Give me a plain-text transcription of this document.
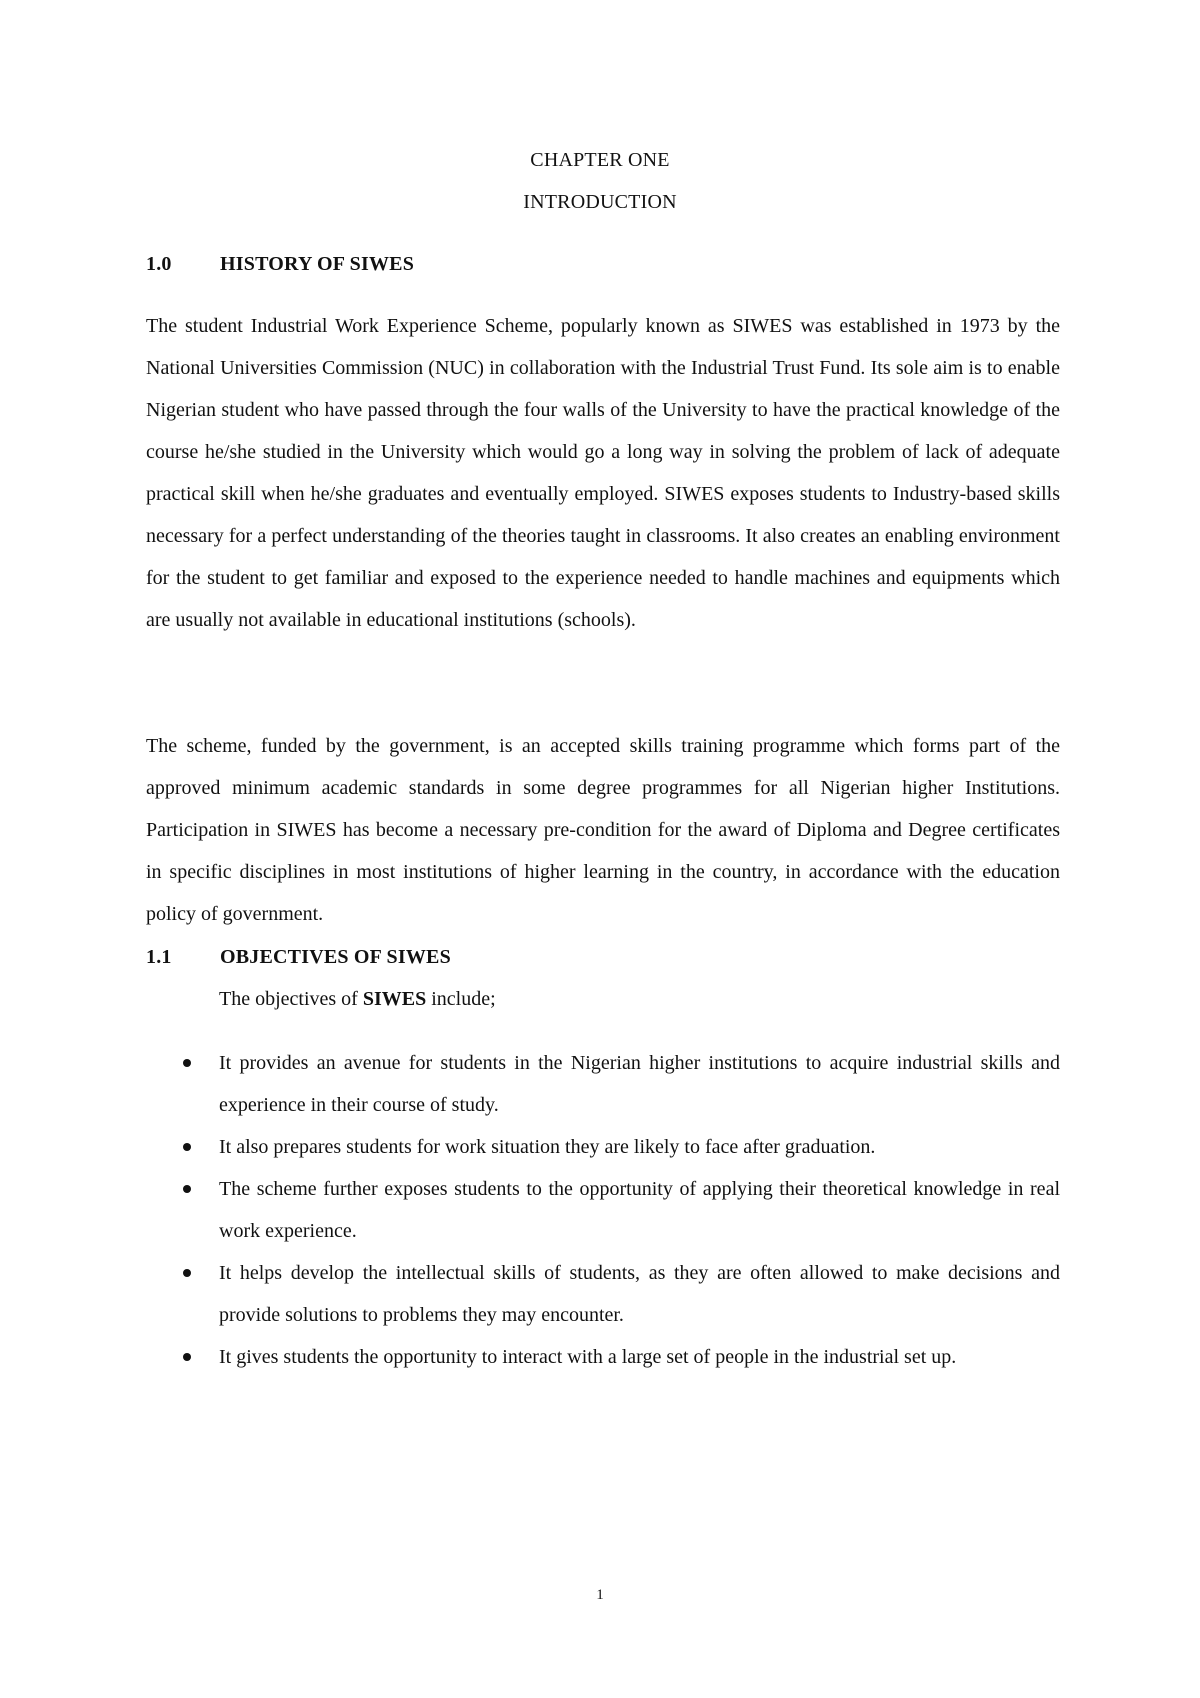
CHAPTER ONE
INTRODUCTION
1.0 HISTORY OF SIWES

The student Industrial Work Experience Scheme, popularly known as SIWES was established in 1973 by the National Universities Commission (NUC) in collaboration with the Industrial Trust Fund. Its sole aim is to enable Nigerian student who have passed through the four walls of the University to have the practical knowledge of the course he/she studied in the University which would go a long way in solving the problem of lack of adequate practical skill when he/she graduates and eventually employed. SIWES exposes students to Industry-based skills necessary for a perfect understanding of the theories taught in classrooms. It also creates an enabling environment for the student to get familiar and exposed to the experience needed to handle machines and equipments which are usually not available in educational institutions (schools).

The scheme, funded by the government, is an accepted skills training programme which forms part of the approved minimum academic standards in some degree programmes for all Nigerian higher Institutions. Participation in SIWES has become a necessary pre-condition for the award of Diploma and Degree certificates in specific disciplines in most institutions of higher learning in the country, in accordance with the education policy of government.

1.1 OBJECTIVES OF SIWES
The objectives of SIWES include;
It provides an avenue for students in the Nigerian higher institutions to acquire industrial skills and experience in their course of study.
It also prepares students for work situation they are likely to face after graduation.
The scheme further exposes students to the opportunity of applying their theoretical knowledge in real work experience.
It helps develop the intellectual skills of students, as they are often allowed to make decisions and provide solutions to problems they may encounter.
It gives students the opportunity to interact with a large set of people in the industrial set up.
1
